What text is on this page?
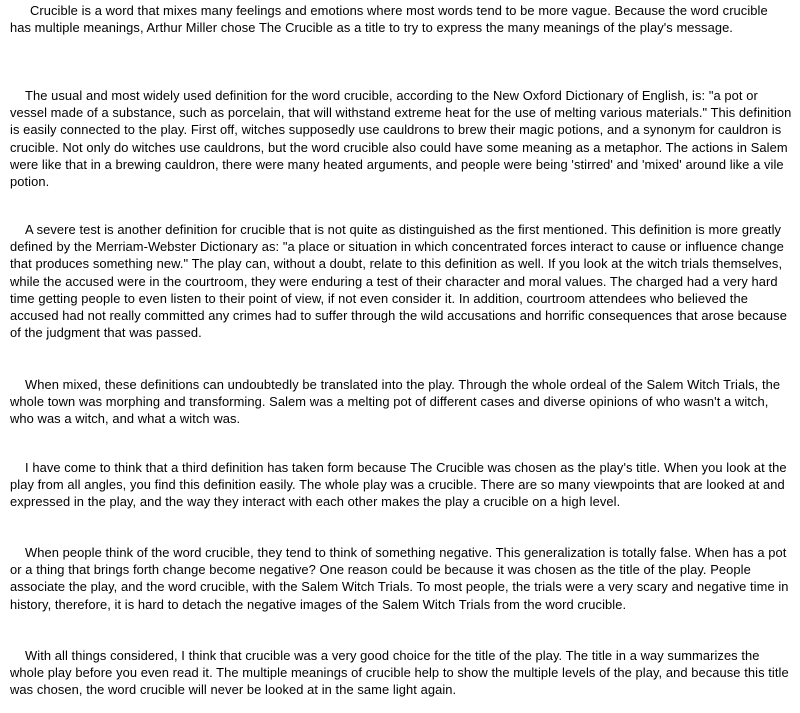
Crucible is a word that mixes many feelings and emotions where most words tend to be more vague. Because the word crucible has multiple meanings, Arthur Miller chose The Crucible as a title to try to express the many meanings of the play's message.

The usual and most widely used definition for the word crucible, according to the New Oxford Dictionary of English, is: "a pot or vessel made of a substance, such as porcelain, that will withstand extreme heat for the use of melting various materials." This definition is easily connected to the play. First off, witches supposedly use cauldrons to brew their magic potions, and a synonym for cauldron is crucible. Not only do witches use cauldrons, but the word crucible also could have some meaning as a metaphor. The actions in Salem were like that in a brewing cauldron, there were many heated arguments, and people were being 'stirred' and 'mixed' around like a vile potion.

A severe test is another definition for crucible that is not quite as distinguished as the first mentioned. This definition is more greatly defined by the Merriam-Webster Dictionary as: "a place or situation in which concentrated forces interact to cause or influence change that produces something new." The play can, without a doubt, relate to this definition as well. If you look at the witch trials themselves, while the accused were in the courtroom, they were enduring a test of their character and moral values. The charged had a very hard time getting people to even listen to their point of view, if not even consider it. In addition, courtroom attendees who believed the accused had not really committed any crimes had to suffer through the wild accusations and horrific consequences that arose because of the judgment that was passed.

When mixed, these definitions can undoubtedly be translated into the play. Through the whole ordeal of the Salem Witch Trials, the whole town was morphing and transforming. Salem was a melting pot of different cases and diverse opinions of who wasn't a witch, who was a witch, and what a witch was.

I have come to think that a third definition has taken form because The Crucible was chosen as the play's title. When you look at the play from all angles, you find this definition easily. The whole play was a crucible. There are so many viewpoints that are looked at and expressed in the play, and the way they interact with each other makes the play a crucible on a high level.

When people think of the word crucible, they tend to think of something negative. This generalization is totally false. When has a pot or a thing that brings forth change become negative? One reason could be because it was chosen as the title of the play. People associate the play, and the word crucible, with the Salem Witch Trials. To most people, the trials were a very scary and negative time in history, therefore, it is hard to detach the negative images of the Salem Witch Trials from the word crucible.

With all things considered, I think that crucible was a very good choice for the title of the play. The title in a way summarizes the whole play before you even read it. The multiple meanings of crucible help to show the multiple levels of the play, and because this title was chosen, the word crucible will never be looked at in the same light again.
